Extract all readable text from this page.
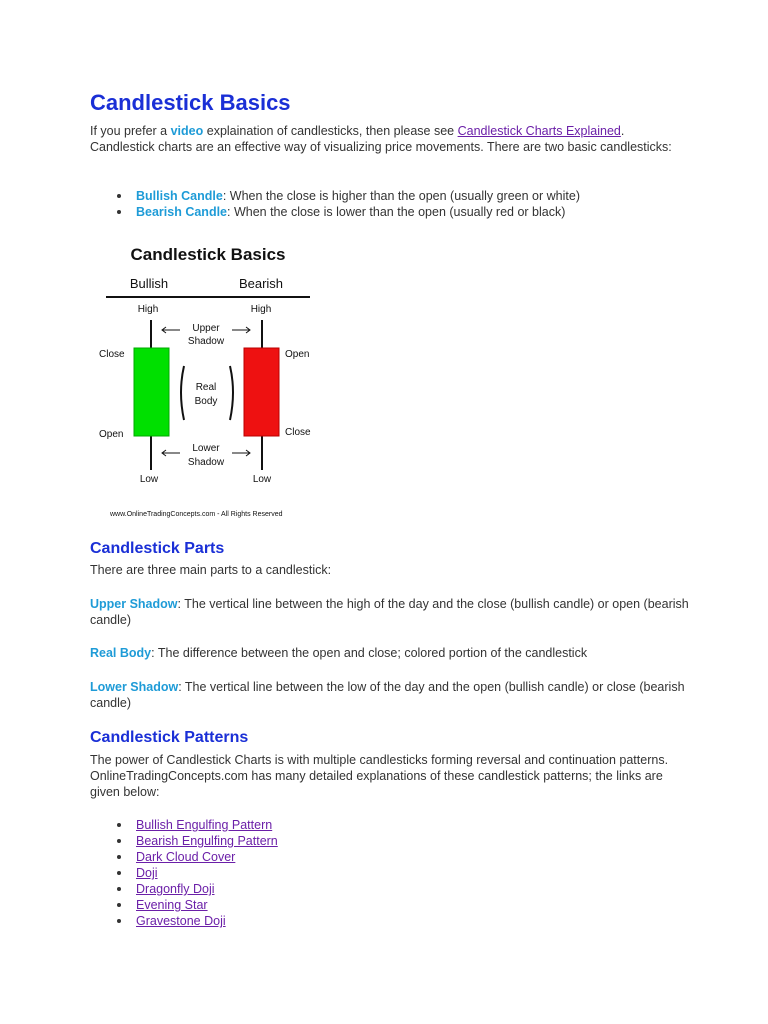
Candlestick Basics

If you prefer a video explaination of candlesticks, then please see Candlestick Charts Explained.
Candlestick charts are an effective way of visualizing price movements. There are two basic candlesticks:

Bullish Candle: When the close is higher than the open (usually green or white)
Bearish Candle: When the close is lower than the open (usually red or black)
Candlestick Basics
Bullish	Bearish
High	High
Close
Open
Open
Close
Upper
Shadow
Real
Body
Lower
Shadow
Low	Low
www.OnlineTradingConcepts.com - All Rights Reserved
Candlestick Parts

There are three main parts to a candlestick:

Upper Shadow: The vertical line between the high of the day and the close (bullish candle) or open (bearish candle)

Real Body: The difference between the open and close; colored portion of the candlestick

Lower Shadow: The vertical line between the low of the day and the open (bullish candle) or close (bearish candle)

Candlestick Patterns

The power of Candlestick Charts is with multiple candlesticks forming reversal and continuation patterns. OnlineTradingConcepts.com has many detailed explanations of these candlestick patterns; the links are given below:

Bullish Engulfing Pattern
Bearish Engulfing Pattern
Dark Cloud Cover
Doji
Dragonfly Doji
Evening Star
Gravestone Doji
